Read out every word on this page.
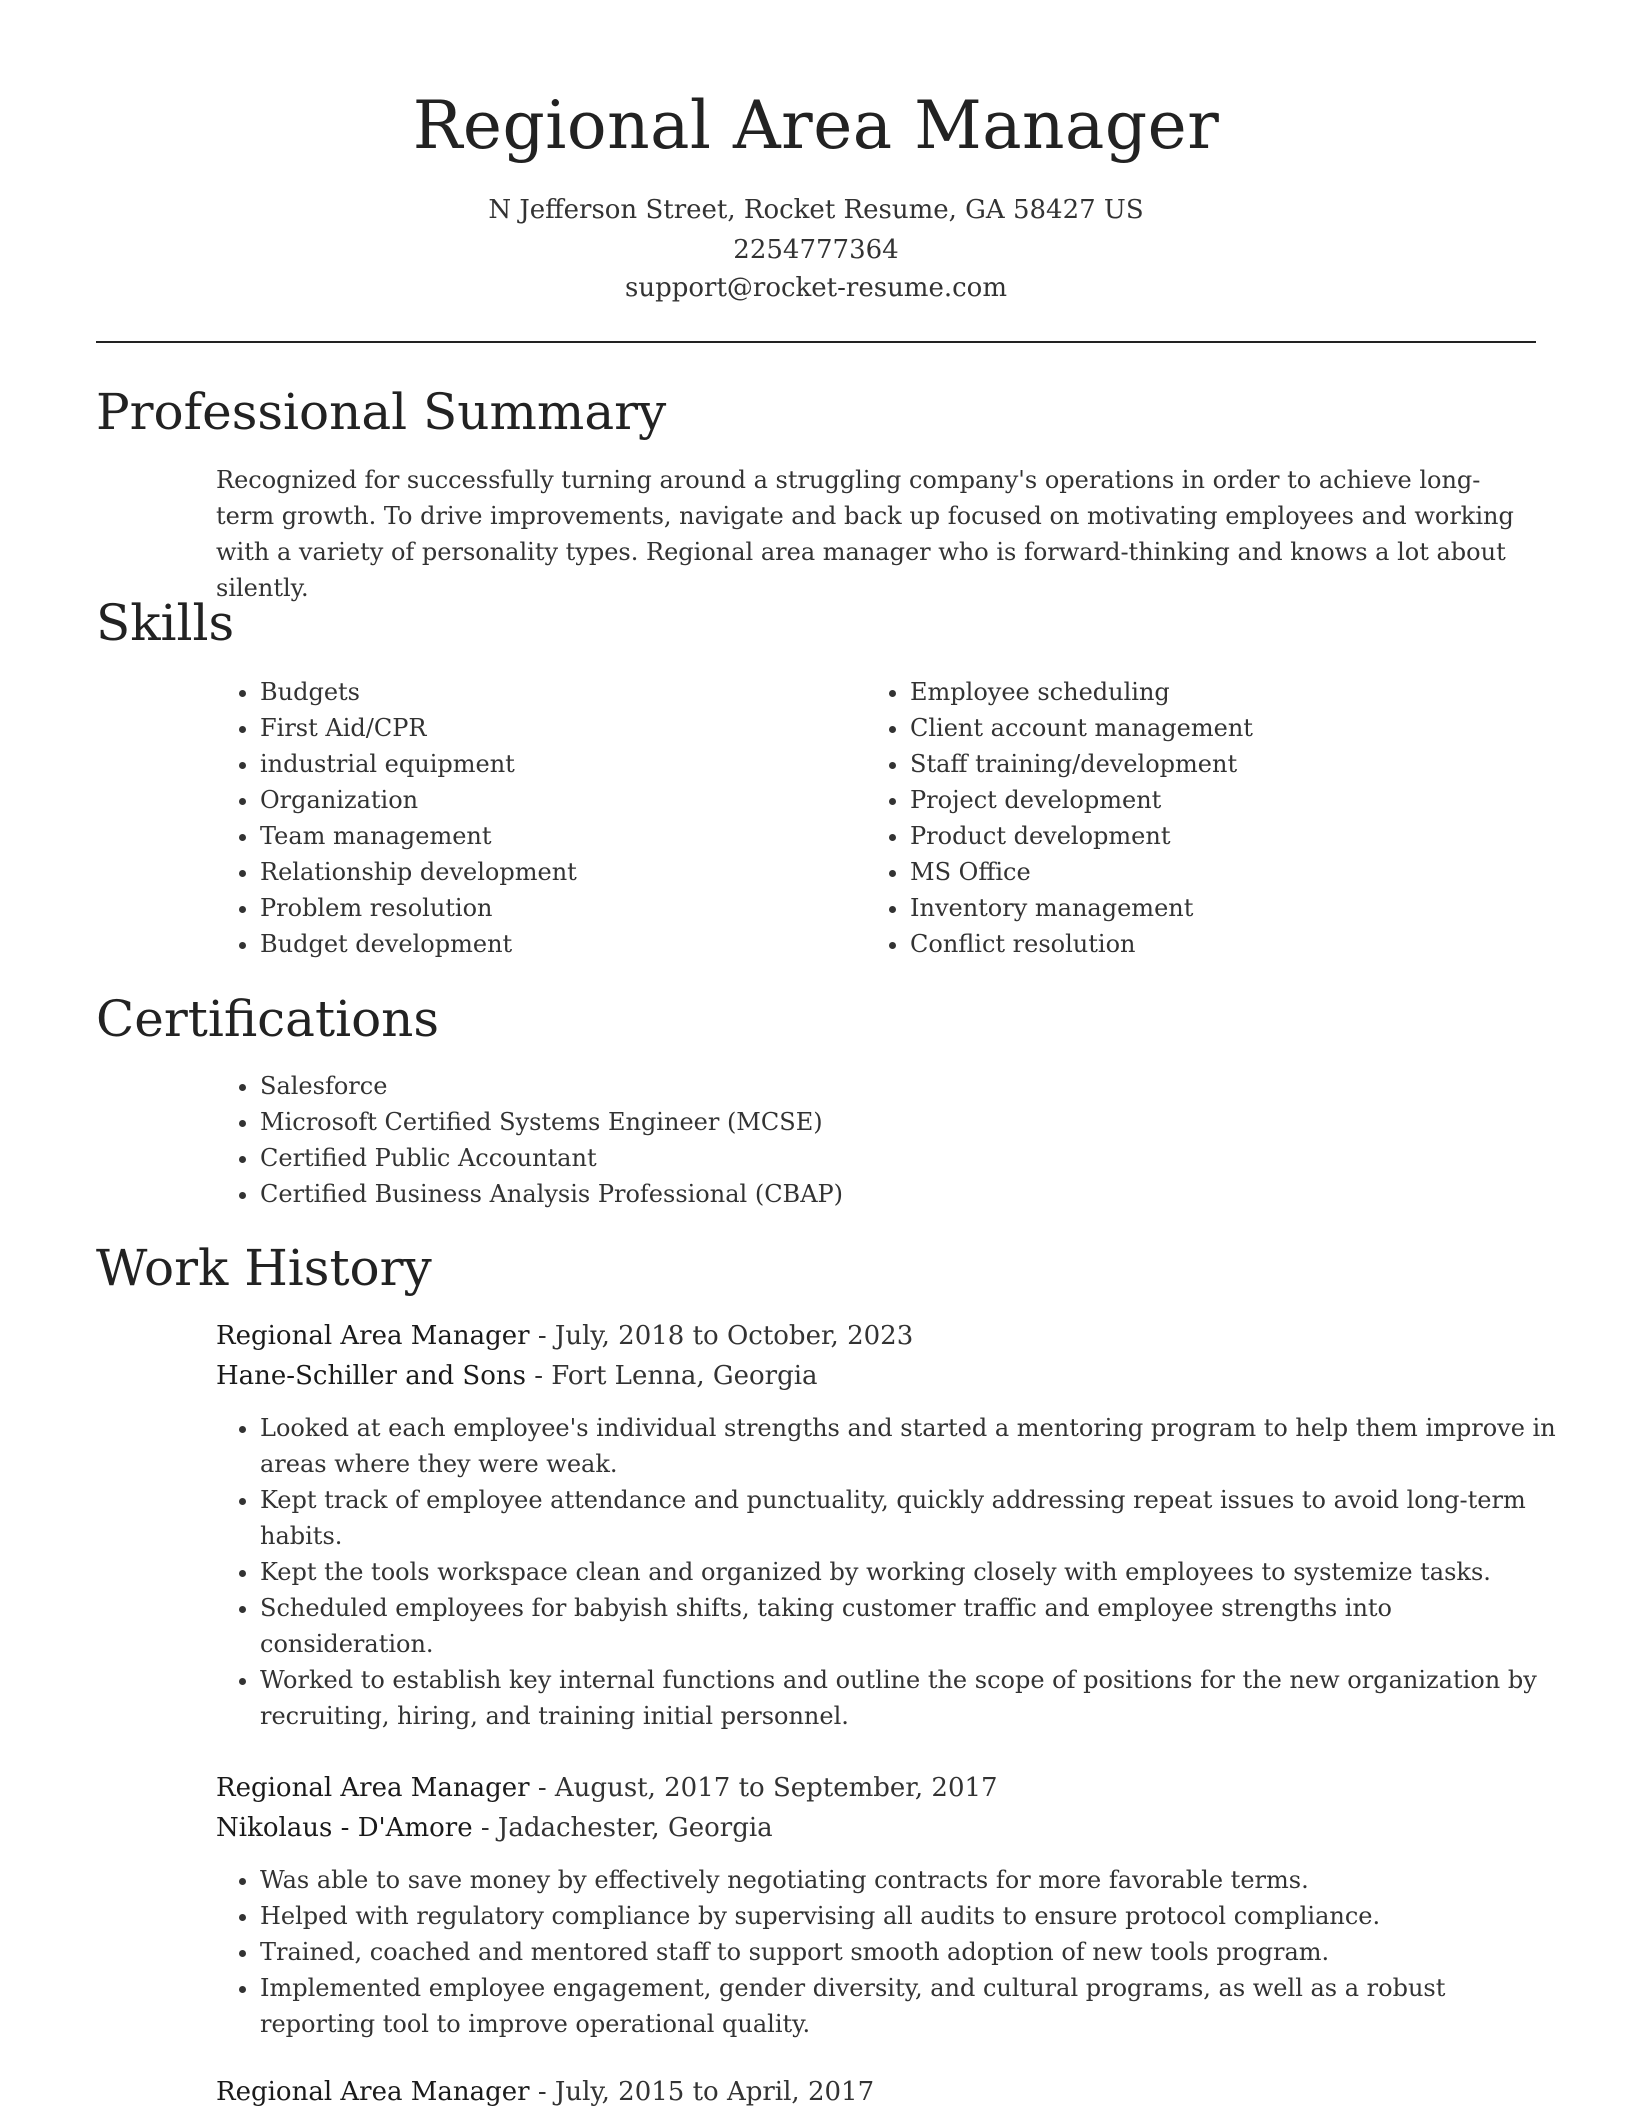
Regional Area Manager
N Jefferson Street, Rocket Resume, GA 58427 US
2254777364
support@rocket-resume.com
Professional Summary

Recognized for successfully turning around a struggling company's operations in order to achieve long-term growth. To drive improvements, navigate and back up focused on motivating employees and working with a variety of personality types. Regional area manager who is forward-thinking and knows a lot about silently.

Skills
• Budgets
• First Aid/CPR
• industrial equipment
• Organization
• Team management
• Relationship development
• Problem resolution
• Budget development
• Employee scheduling
• Client account management
• Staff training/development
• Project development
• Product development
• MS Office
• Inventory management
• Conflict resolution
Certifications
• Salesforce
• Microsoft Certified Systems Engineer (MCSE)
• Certified Public Accountant
• Certified Business Analysis Professional (CBAP)
Work History
Regional Area Manager - July, 2018 to October, 2023
Hane-Schiller and Sons - Fort Lenna, Georgia
• Looked at each employee's individual strengths and started a mentoring program to help them improve in areas where they were weak.
• Kept track of employee attendance and punctuality, quickly addressing repeat issues to avoid long-term habits.
• Kept the tools workspace clean and organized by working closely with employees to systemize tasks.
• Scheduled employees for babyish shifts, taking customer traffic and employee strengths into consideration.
• Worked to establish key internal functions and outline the scope of positions for the new organization by recruiting, hiring, and training initial personnel.
Regional Area Manager - August, 2017 to September, 2017
Nikolaus - D'Amore - Jadachester, Georgia
• Was able to save money by effectively negotiating contracts for more favorable terms.
• Helped with regulatory compliance by supervising all audits to ensure protocol compliance.
• Trained, coached and mentored staff to support smooth adoption of new tools program.
• Implemented employee engagement, gender diversity, and cultural programs, as well as a robust reporting tool to improve operational quality.
Regional Area Manager - July, 2015 to April, 2017
